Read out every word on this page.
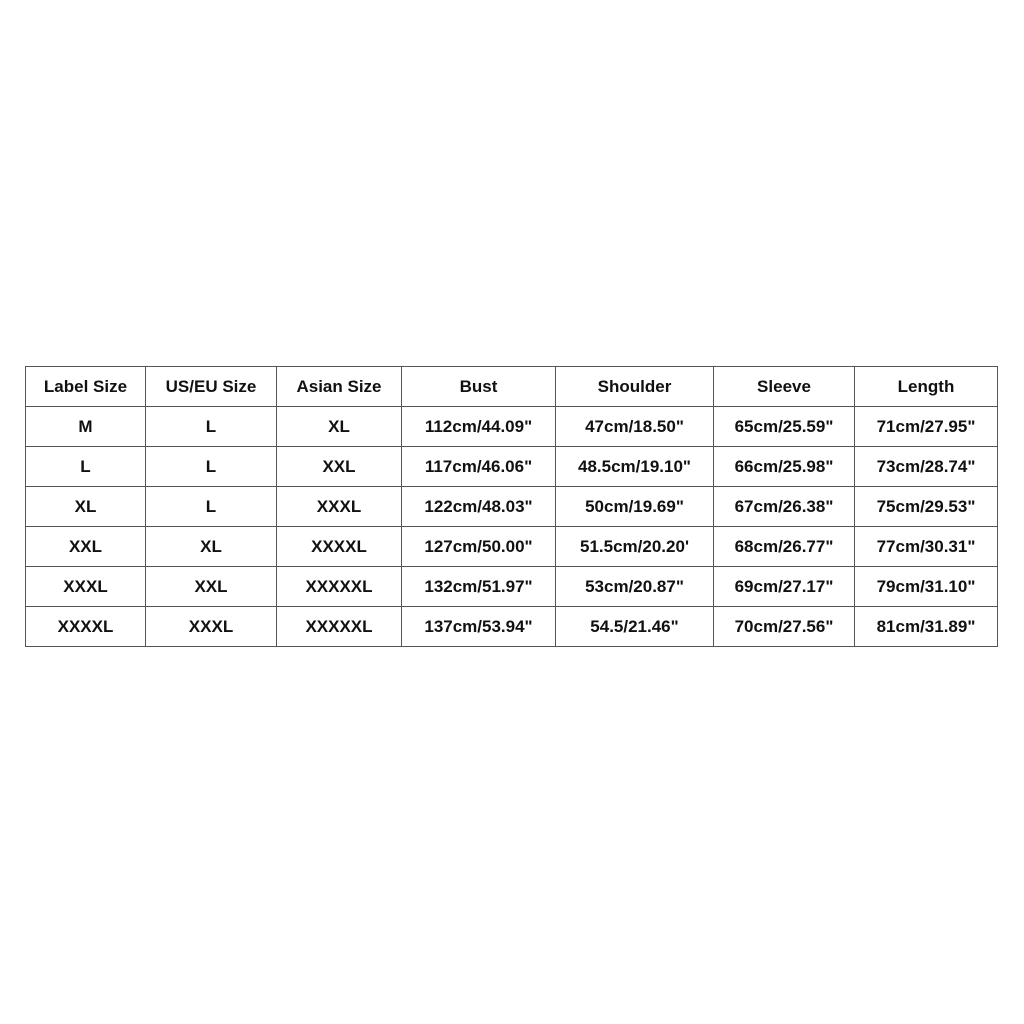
Label Size	US/EU Size	Asian Size	Bust	Shoulder	Sleeve	Length
M	L	XL	112cm/44.09"	47cm/18.50"	65cm/25.59"	71cm/27.95"
L	L	XXL	117cm/46.06"	48.5cm/19.10"	66cm/25.98"	73cm/28.74"
XL	L	XXXL	122cm/48.03"	50cm/19.69"	67cm/26.38"	75cm/29.53"
XXL	XL	XXXXL	127cm/50.00"	51.5cm/20.20'	68cm/26.77"	77cm/30.31"
XXXL	XXL	XXXXXL	132cm/51.97"	53cm/20.87"	69cm/27.17"	79cm/31.10"
XXXXL	XXXL	XXXXXL	137cm/53.94"	54.5/21.46"	70cm/27.56"	81cm/31.89"
